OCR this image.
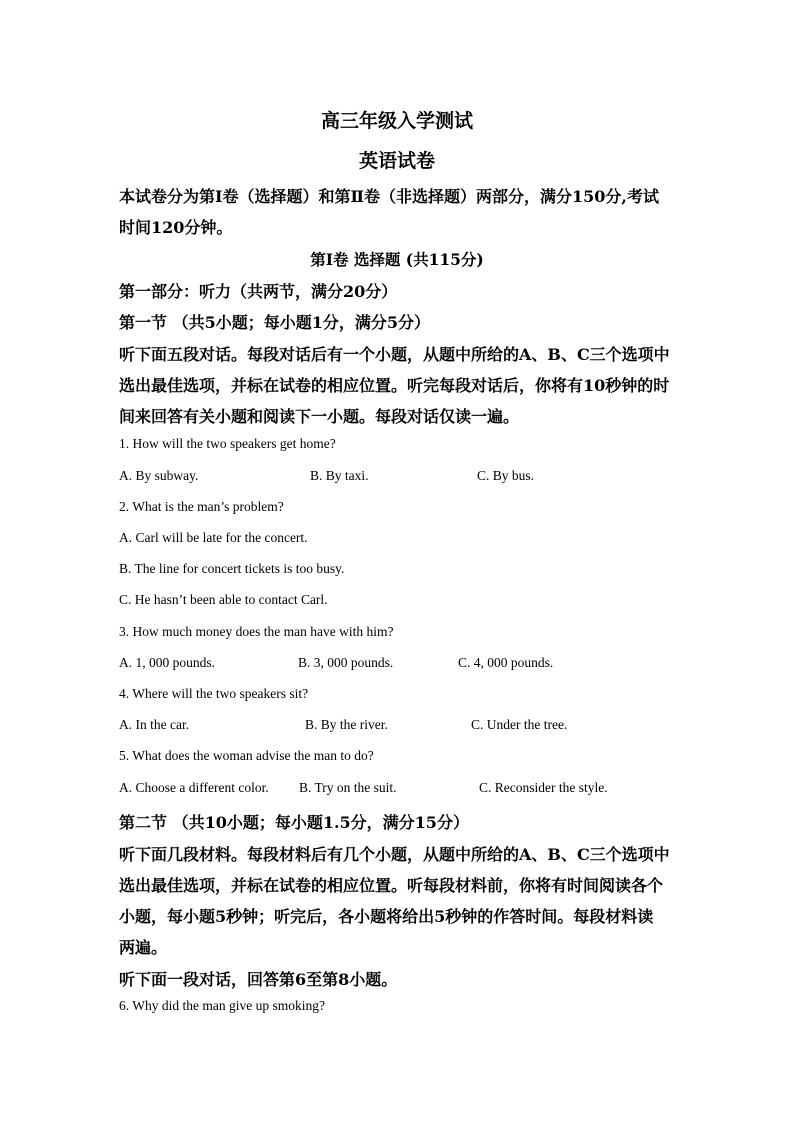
高三年级入学测试
英语试卷
本试卷分为第Ⅰ卷（选择题）和第Ⅱ卷（非选择题）两部分，满分150分,考试
时间120分钟。
第Ⅰ卷 选择题 (共115分)
第一部分：听力（共两节，满分20分）
第一节 （共5小题；每小题1分，满分5分）
听下面五段对话。每段对话后有一个小题，从题中所给的A、B、C三个选项中
选出最佳选项，并标在试卷的相应位置。听完每段对话后，你将有10秒钟的时
间来回答有关小题和阅读下一小题。每段对话仅读一遍。
1. How will the two speakers get home?
A. By subway.	B. By taxi.	C. By bus.
2. What is the man’s problem?
A. Carl will be late for the concert.
B. The line for concert tickets is too busy.
C. He hasn’t been able to contact Carl.
3. How much money does the man have with him?
A. 1, 000 pounds.	B. 3, 000 pounds.	C. 4, 000 pounds.
4. Where will the two speakers sit?
A. In the car.	B. By the river.	C. Under the tree.
5. What does the woman advise the man to do?
A. Choose a different color. B. Try on the suit.	C. Reconsider the style.
第二节 （共10小题；每小题1.5分，满分15分）
听下面几段材料。每段材料后有几个小题，从题中所给的A、B、C三个选项中
选出最佳选项，并标在试卷的相应位置。听每段材料前，你将有时间阅读各个
小题，每小题5秒钟；听完后，各小题将给出5秒钟的作答时间。每段材料读
两遍。
听下面一段对话，回答第6至第8小题。
6. Why did the man give up smoking?
